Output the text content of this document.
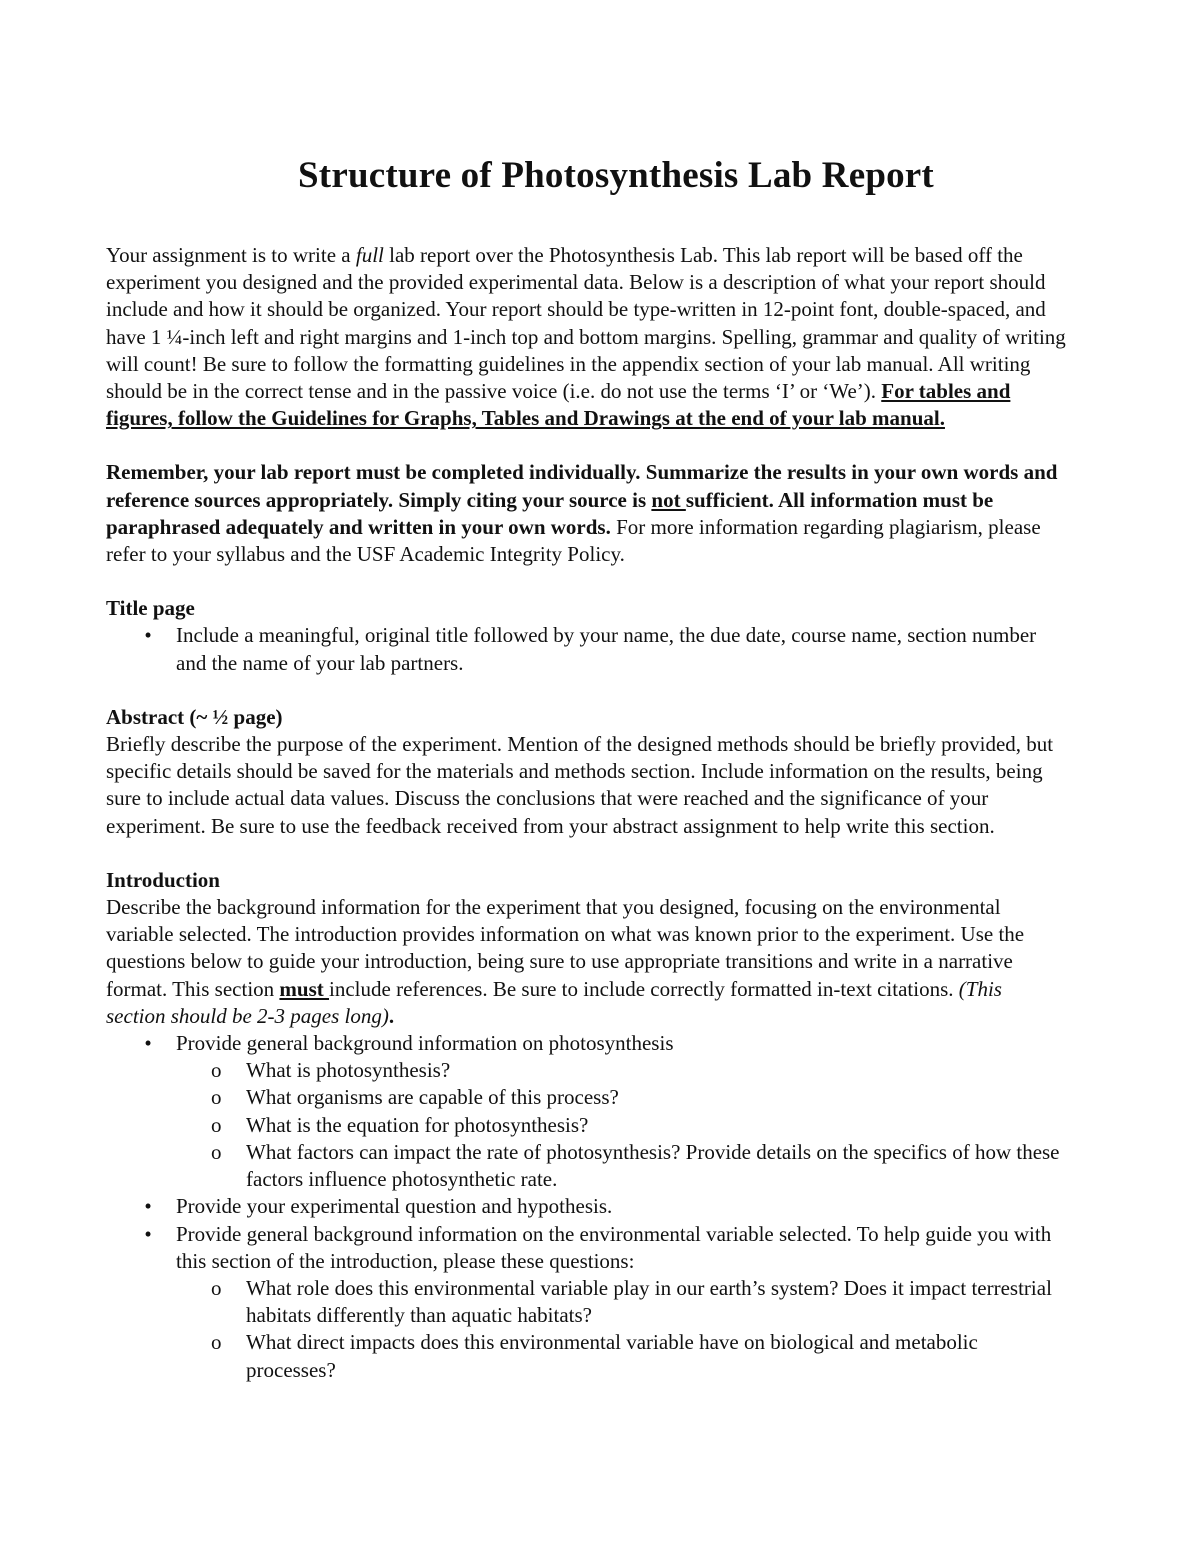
Structure of Photosynthesis Lab Report

Your assignment is to write a full lab report over the Photosynthesis Lab. This lab report will be based off the experiment you designed and the provided experimental data. Below is a description of what your report should include and how it should be organized. Your report should be type-written in 12-point font, double-spaced, and have 1 ¼-inch left and right margins and 1-inch top and bottom margins. Spelling, grammar and quality of writing will count! Be sure to follow the formatting guidelines in the appendix section of your lab manual. All writing should be in the correct tense and in the passive voice (i.e. do not use the terms ‘I’ or ‘We’). For tables and figures, follow the Guidelines for Graphs, Tables and Drawings at the end of your lab manual.

Remember, your lab report must be completed individually. Summarize the results in your own words and reference sources appropriately. Simply citing your source is not sufficient. All information must be paraphrased adequately and written in your own words. For more information regarding plagiarism, please refer to your syllabus and the USF Academic Integrity Policy.

Title page

• Include a meaningful, original title followed by your name, the due date, course name, section number and the name of your lab partners.

Abstract (~ ½ page)

Briefly describe the purpose of the experiment. Mention of the designed methods should be briefly provided, but specific details should be saved for the materials and methods section. Include information on the results, being sure to include actual data values. Discuss the conclusions that were reached and the significance of your experiment. Be sure to use the feedback received from your abstract assignment to help write this section.

Introduction

Describe the background information for the experiment that you designed, focusing on the environmental variable selected. The introduction provides information on what was known prior to the experiment. Use the questions below to guide your introduction, being sure to use appropriate transitions and write in a narrative format. This section must include references. Be sure to include correctly formatted in-text citations. (This section should be 2-3 pages long).

• Provide general background information on photosynthesis
o What is photosynthesis?
o What organisms are capable of this process?
o What is the equation for photosynthesis?
o What factors can impact the rate of photosynthesis? Provide details on the specifics of how these factors influence photosynthetic rate.
• Provide your experimental question and hypothesis.
• Provide general background information on the environmental variable selected. To help guide you with this section of the introduction, please these questions:
o What role does this environmental variable play in our earth’s system? Does it impact terrestrial habitats differently than aquatic habitats?
o What direct impacts does this environmental variable have on biological and metabolic processes?
